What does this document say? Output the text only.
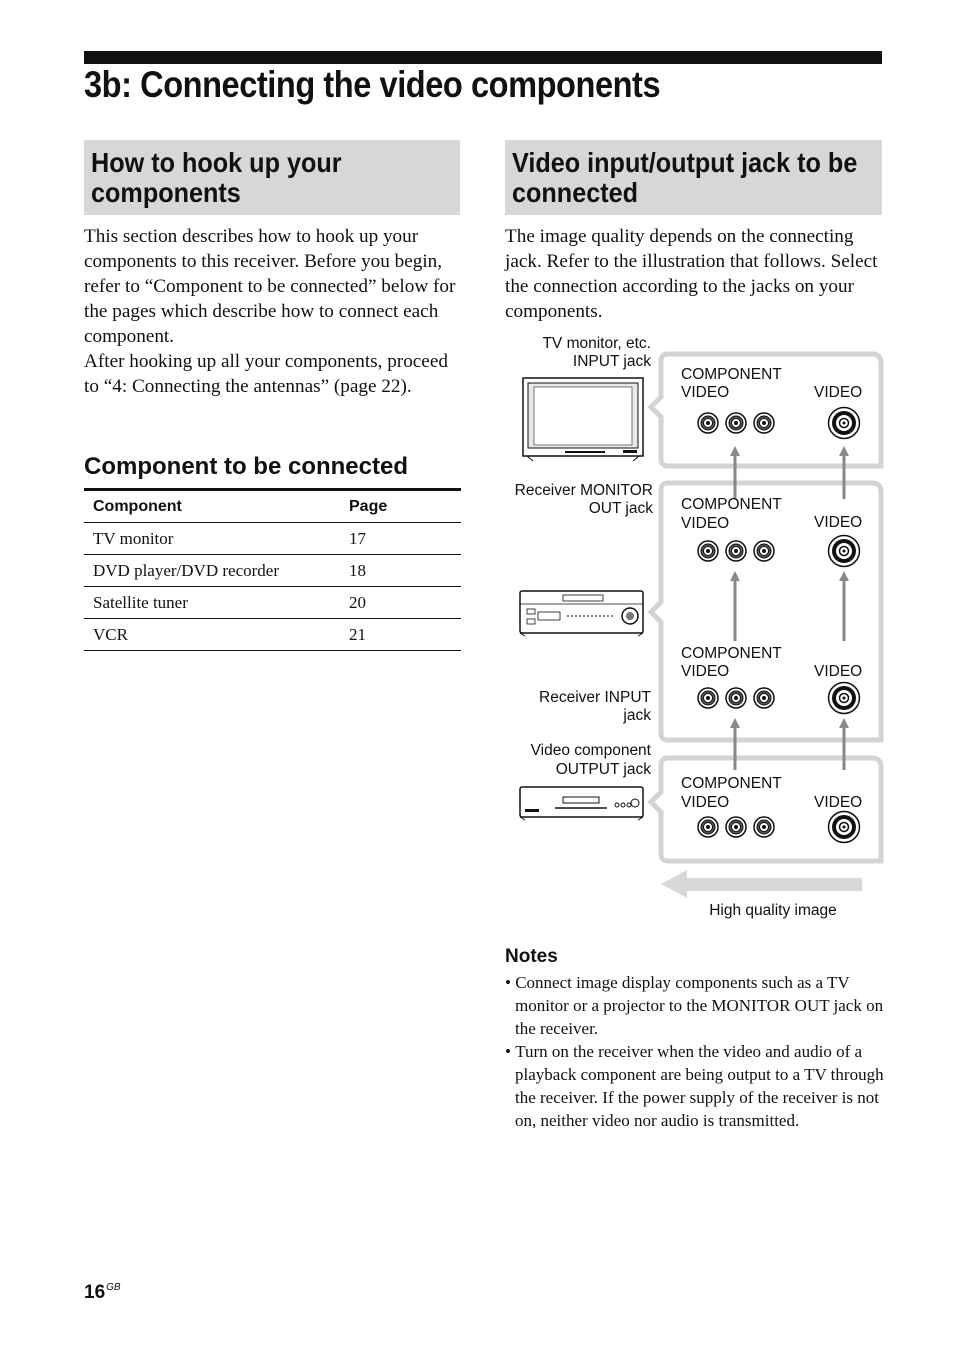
3b: Connecting the video components
How to hook up your components

This section describes how to hook up your components to this receiver. Before you begin, refer to “Component to be connected” below for the pages which describe how to connect each component.

After hooking up all your components, proceed to “4: Connecting the antennas” (page 22).

Component to be connected
Component	Page
TV monitor	17
DVD player/DVD recorder	18
Satellite tuner	20
VCR	21
Video input/output jack to be connected

The image quality depends on the connecting jack. Refer to the illustration that follows. Select the connection according to the jacks on your components.

TV monitor, etc.
INPUT jack
Receiver MONITOR
OUT jack
Receiver INPUT
jack
Video component
OUTPUT jack
COMPONENT
VIDEO	VIDEO
COMPONENT
VIDEO	VIDEO
COMPONENT
VIDEO	VIDEO
COMPONENT
VIDEO	VIDEO
High quality image
Notes
• Connect image display components such as a TV monitor or a projector to the MONITOR OUT jack on the receiver.
• Turn on the receiver when the video and audio of a playback component are being output to a TV through the receiver. If the power supply of the receiver is not on, neither video nor audio is transmitted.
$16^{GB}$
